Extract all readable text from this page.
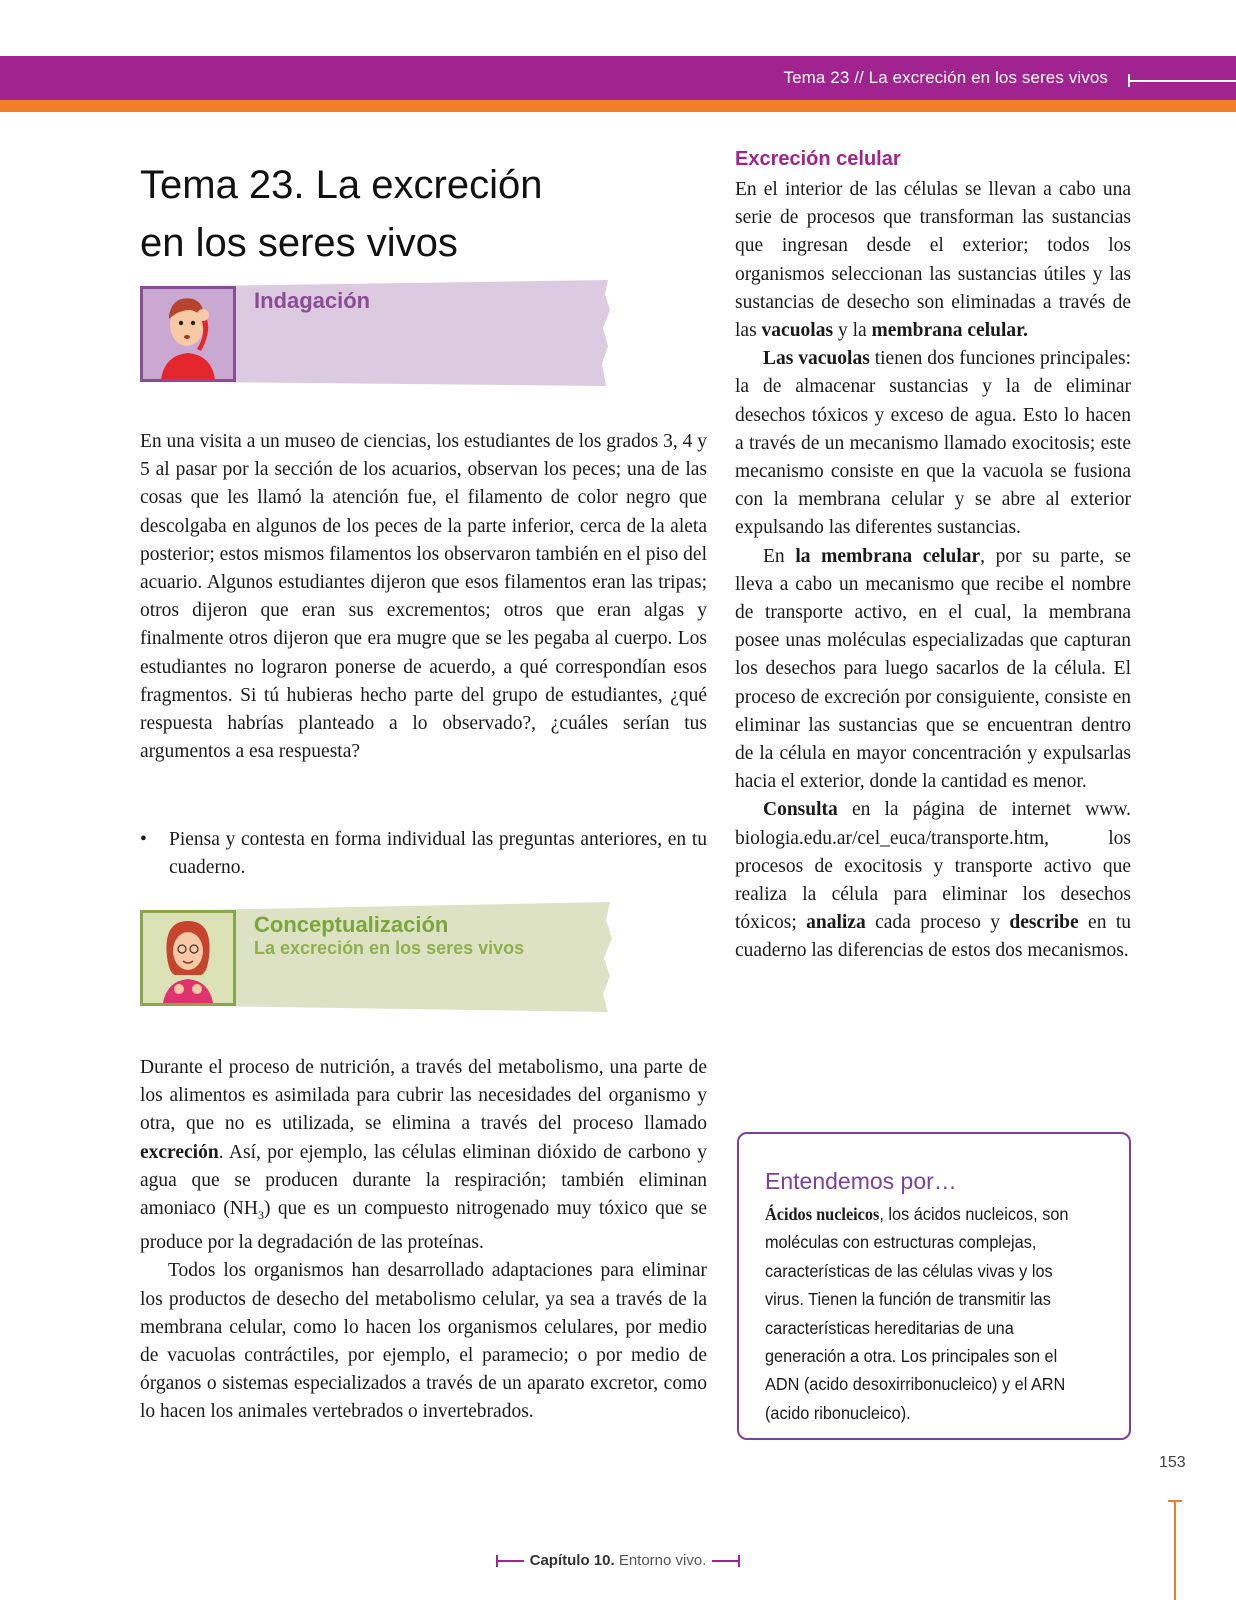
Tema 23 // La excreción en los seres vivos
Tema 23. La excreción
en los seres vivos
Indagación

En una visita a un museo de ciencias, los estudiantes de los grados 3, 4 y 5 al pasar por la sección de los acuarios, observan los peces; una de las cosas que les llamó la atención fue, el filamento de color negro que descolgaba en algunos de los peces de la parte inferior, cerca de la aleta posterior; estos mismos filamentos los observaron también en el piso del acuario. Algunos estudiantes dijeron que esos filamentos eran las tripas; otros dijeron que eran sus excrementos; otros que eran algas y finalmente otros dijeron que era mugre que se les pegaba al cuerpo. Los estudiantes no lograron ponerse de acuerdo, a qué correspondían esos fragmentos. Si tú hubieras hecho parte del grupo de estudiantes, ¿qué respuesta habrías planteado a lo observado?, ¿cuáles serían tus argumentos a esa respuesta?

• Piensa y contesta en forma individual las preguntas anteriores, en tu cuaderno.
Conceptualización
La excreción en los seres vivos

Durante el proceso de nutrición, a través del metabolismo, una parte de los alimentos es asimilada para cubrir las necesidades del organismo y otra, que no es utilizada, se elimina a través del proceso llamado excreción. Así, por ejemplo, las células eliminan dióxido de carbono y agua que se producen durante la respiración; también eliminan amoniaco $(NH_3)$ que es un compuesto nitrogenado muy tóxico que se produce por la degradación de las proteínas.

Todos los organismos han desarrollado adaptaciones para eliminar los productos de desecho del metabolismo celular, ya sea a través de la membrana celular, como lo hacen los organismos celulares, por medio de vacuolas contráctiles, por ejemplo, el paramecio; o por medio de órganos o sistemas especializados a través de un aparato excretor, como lo hacen los animales vertebrados o invertebrados.

Excreción celular

En el interior de las células se llevan a cabo una serie de procesos que transforman las sustancias que ingresan desde el exterior; todos los organismos seleccionan las sustancias útiles y las sustancias de desecho son eliminadas a través de las vacuolas y la membrana celular.

Las vacuolas tienen dos funciones principales: la de almacenar sustancias y la de eliminar desechos tóxicos y exceso de agua. Esto lo hacen a través de un mecanismo llamado exocitosis; este mecanismo consiste en que la vacuola se fusiona con la membrana celular y se abre al exterior expulsando las diferentes sustancias.

En la membrana celular, por su parte, se lleva a cabo un mecanismo que recibe el nombre de transporte activo, en el cual, la membrana posee unas moléculas especializadas que capturan los desechos para luego sacarlos de la célula. El proceso de excreción por consiguiente, consiste en eliminar las sustancias que se encuentran dentro de la célula en mayor concentración y expulsarlas hacia el exterior, donde la cantidad es menor.

Consulta en la página de internet www. biologia.edu.ar/cel_euca/transporte.htm, los procesos de exocitosis y transporte activo que realiza la célula para eliminar los desechos tóxicos; analiza cada proceso y describe en tu cuaderno las diferencias de estos dos mecanismos.

Entendemos por…
Ácidos nucleicos, los ácidos nucleicos, son moléculas con estructuras complejas, características de las células vivas y los virus. Tienen la función de transmitir las características hereditarias de una generación a otra. Los principales son el ADN (acido desoxirribonucleico) y el ARN (acido ribonucleico).
153
Capítulo 10. Entorno vivo.
